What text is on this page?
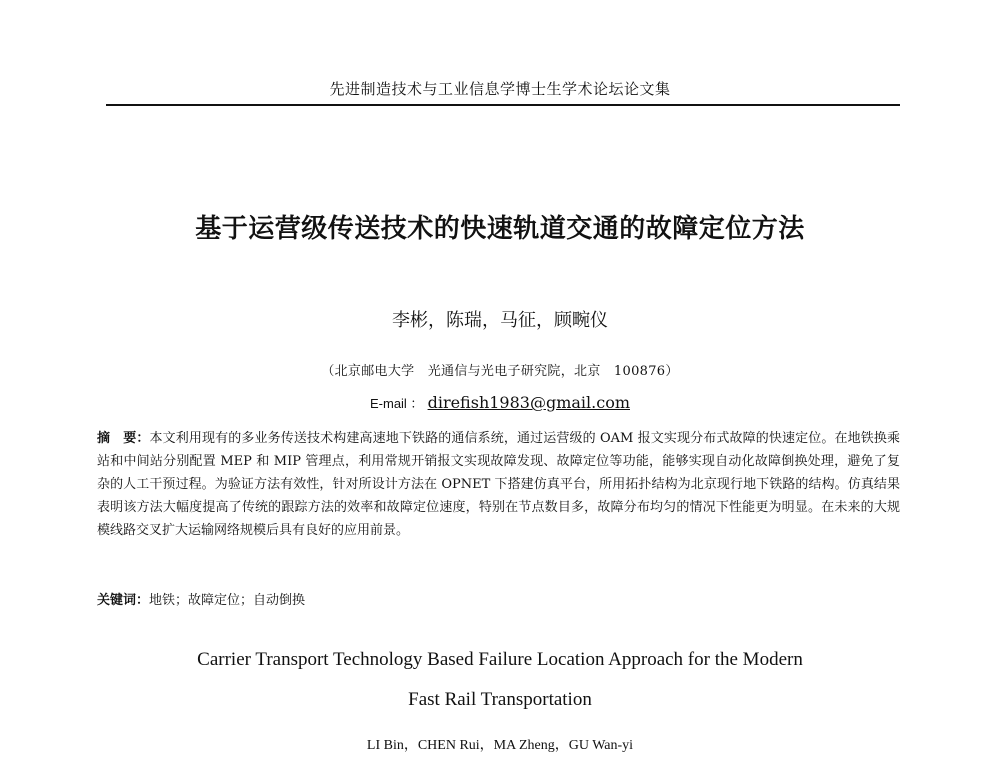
先进制造技术与工业信息学博士生学术论坛论文集
基于运营级传送技术的快速轨道交通的故障定位方法
李彬，陈瑞，马征，顾畹仪
（北京邮电大学　光通信与光电子研究院，北京　100876）
E-mail ： direfish1983@gmail.com
摘　要：本文利用现有的多业务传送技术构建高速地下铁路的通信系统，通过运营级的 OAM 报文实现分布式故障的快速定位。在地铁换乘站和中间站分别配置 MEP 和 MIP 管理点，利用常规开销报文实现故障发现、故障定位等功能，能够实现自动化故障倒换处理，避免了复杂的人工干预过程。为验证方法有效性，针对所设计方法在 OPNET 下搭建仿真平台，所用拓扑结构为北京现行地下铁路的结构。仿真结果表明该方法大幅度提高了传统的跟踪方法的效率和故障定位速度，特别在节点数目多，故障分布均匀的情况下性能更为明显。在未来的大规模线路交叉扩大运输网络规模后具有良好的应用前景。
关键词：地铁；故障定位；自动倒换
Carrier Transport Technology Based Failure Location Approach for the Modern
Fast Rail Transportation
LI Bin，CHEN Rui，MA Zheng，GU Wan-yi
